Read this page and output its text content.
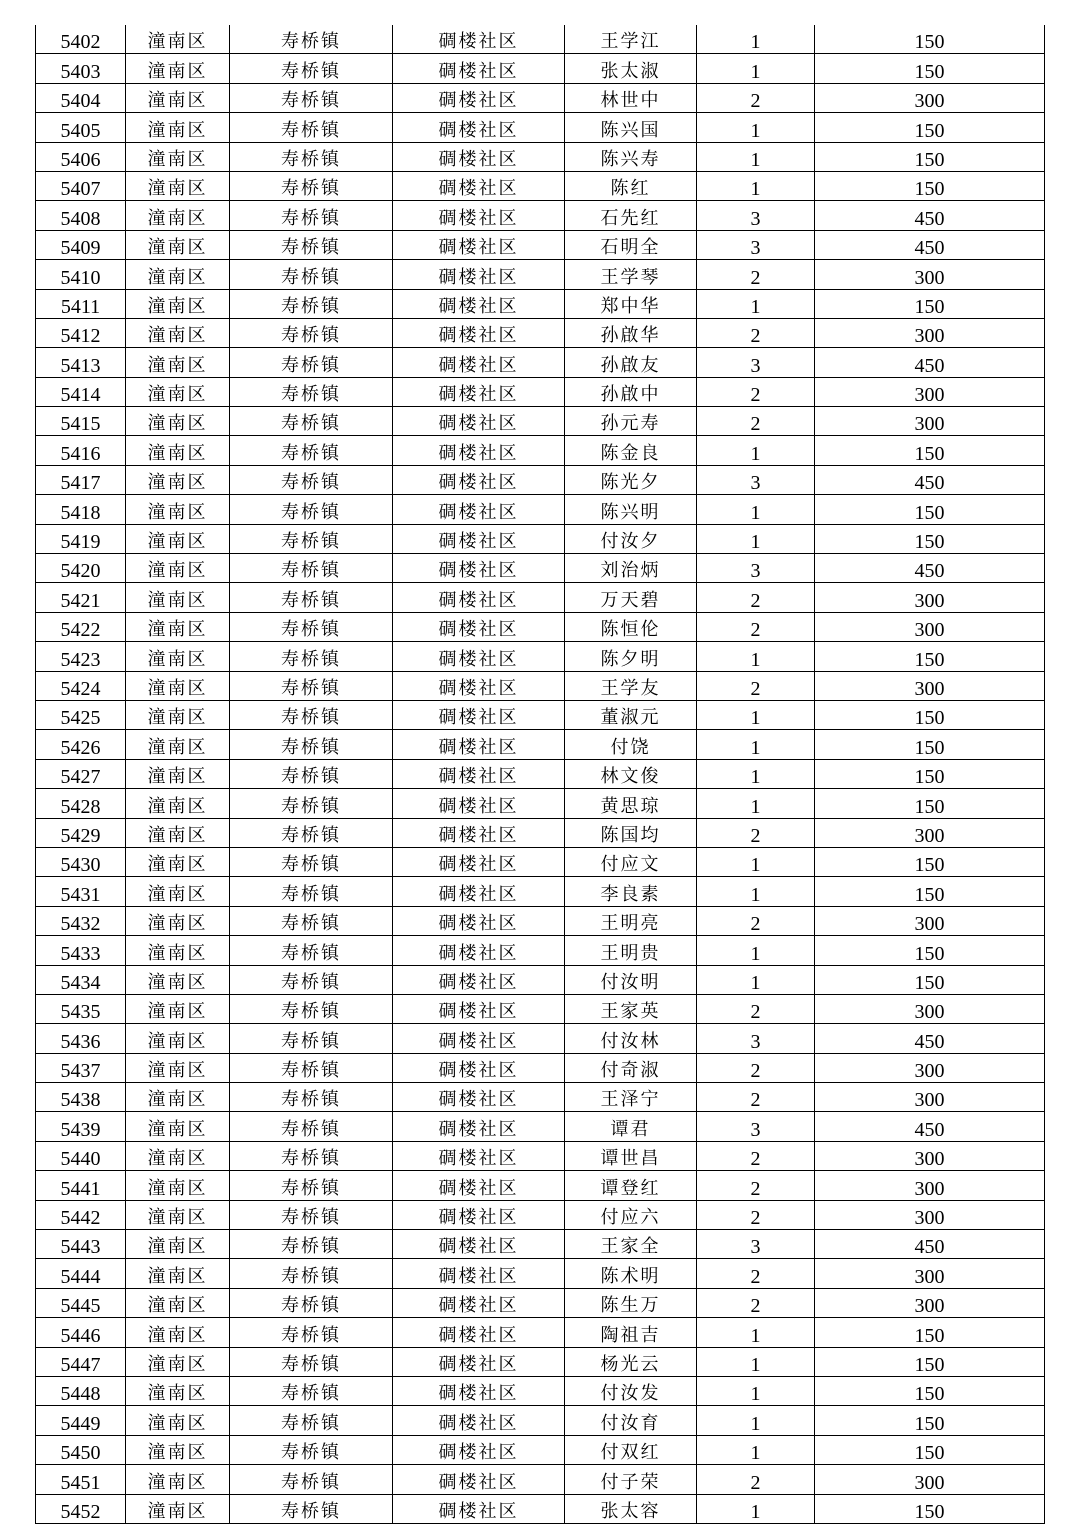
5402	潼南区	寿桥镇	碉楼社区	王学江	1	150
5403	潼南区	寿桥镇	碉楼社区	张太淑	1	150
5404	潼南区	寿桥镇	碉楼社区	林世中	2	300
5405	潼南区	寿桥镇	碉楼社区	陈兴国	1	150
5406	潼南区	寿桥镇	碉楼社区	陈兴寿	1	150
5407	潼南区	寿桥镇	碉楼社区	陈红	1	150
5408	潼南区	寿桥镇	碉楼社区	石先红	3	450
5409	潼南区	寿桥镇	碉楼社区	石明全	3	450
5410	潼南区	寿桥镇	碉楼社区	王学琴	2	300
5411	潼南区	寿桥镇	碉楼社区	郑中华	1	150
5412	潼南区	寿桥镇	碉楼社区	孙啟华	2	300
5413	潼南区	寿桥镇	碉楼社区	孙啟友	3	450
5414	潼南区	寿桥镇	碉楼社区	孙啟中	2	300
5415	潼南区	寿桥镇	碉楼社区	孙元寿	2	300
5416	潼南区	寿桥镇	碉楼社区	陈金良	1	150
5417	潼南区	寿桥镇	碉楼社区	陈光夕	3	450
5418	潼南区	寿桥镇	碉楼社区	陈兴明	1	150
5419	潼南区	寿桥镇	碉楼社区	付汝夕	1	150
5420	潼南区	寿桥镇	碉楼社区	刘治炳	3	450
5421	潼南区	寿桥镇	碉楼社区	万天碧	2	300
5422	潼南区	寿桥镇	碉楼社区	陈恒伦	2	300
5423	潼南区	寿桥镇	碉楼社区	陈夕明	1	150
5424	潼南区	寿桥镇	碉楼社区	王学友	2	300
5425	潼南区	寿桥镇	碉楼社区	董淑元	1	150
5426	潼南区	寿桥镇	碉楼社区	付饶	1	150
5427	潼南区	寿桥镇	碉楼社区	林文俊	1	150
5428	潼南区	寿桥镇	碉楼社区	黄思琼	1	150
5429	潼南区	寿桥镇	碉楼社区	陈国均	2	300
5430	潼南区	寿桥镇	碉楼社区	付应文	1	150
5431	潼南区	寿桥镇	碉楼社区	李良素	1	150
5432	潼南区	寿桥镇	碉楼社区	王明亮	2	300
5433	潼南区	寿桥镇	碉楼社区	王明贵	1	150
5434	潼南区	寿桥镇	碉楼社区	付汝明	1	150
5435	潼南区	寿桥镇	碉楼社区	王家英	2	300
5436	潼南区	寿桥镇	碉楼社区	付汝林	3	450
5437	潼南区	寿桥镇	碉楼社区	付奇淑	2	300
5438	潼南区	寿桥镇	碉楼社区	王泽宁	2	300
5439	潼南区	寿桥镇	碉楼社区	谭君	3	450
5440	潼南区	寿桥镇	碉楼社区	谭世昌	2	300
5441	潼南区	寿桥镇	碉楼社区	谭登红	2	300
5442	潼南区	寿桥镇	碉楼社区	付应六	2	300
5443	潼南区	寿桥镇	碉楼社区	王家全	3	450
5444	潼南区	寿桥镇	碉楼社区	陈术明	2	300
5445	潼南区	寿桥镇	碉楼社区	陈生万	2	300
5446	潼南区	寿桥镇	碉楼社区	陶祖吉	1	150
5447	潼南区	寿桥镇	碉楼社区	杨光云	1	150
5448	潼南区	寿桥镇	碉楼社区	付汝发	1	150
5449	潼南区	寿桥镇	碉楼社区	付汝育	1	150
5450	潼南区	寿桥镇	碉楼社区	付双红	1	150
5451	潼南区	寿桥镇	碉楼社区	付子荣	2	300
5452	潼南区	寿桥镇	碉楼社区	张太容	1	150
